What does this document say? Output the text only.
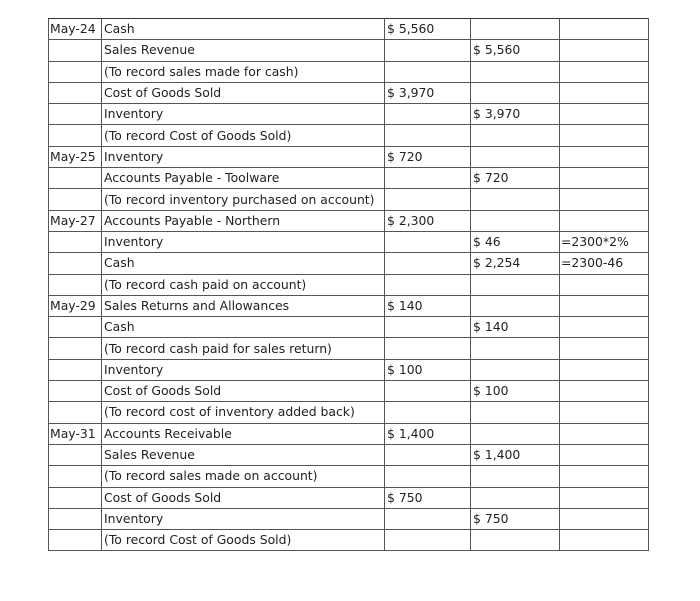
May-24	Cash	$ 5,560		
	Sales Revenue		$ 5,560	
	(To record sales made for cash)			
	Cost of Goods Sold	$ 3,970		
	Inventory		$ 3,970	
	(To record Cost of Goods Sold)			
May-25	Inventory	$ 720		
	Accounts Payable - Toolware		$ 720	
	(To record inventory purchased on account)			
May-27	Accounts Payable - Northern	$ 2,300		
	Inventory		$ 46	=2300*2%
	Cash		$ 2,254	=2300-46
	(To record cash paid on account)			
May-29	Sales Returns and Allowances	$ 140		
	Cash		$ 140	
	(To record cash paid for sales return)			
	Inventory	$ 100		
	Cost of Goods Sold		$ 100	
	(To record cost of inventory added back)			
May-31	Accounts Receivable	$ 1,400		
	Sales Revenue		$ 1,400	
	(To record sales made on account)			
	Cost of Goods Sold	$ 750		
	Inventory		$ 750	
	(To record Cost of Goods Sold)			
